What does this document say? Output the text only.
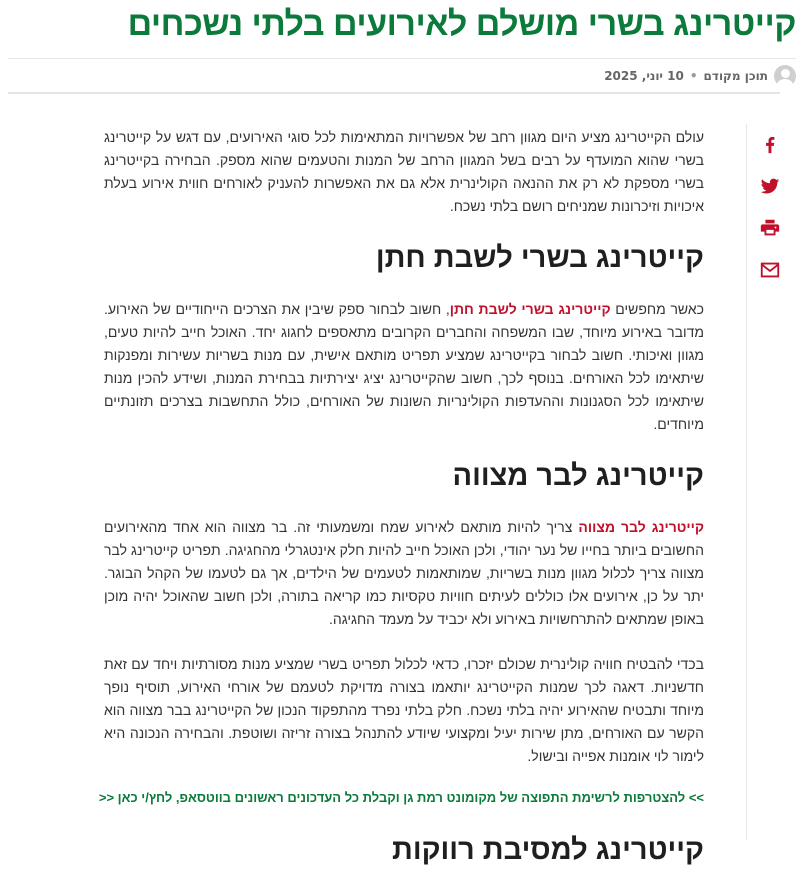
קייטרינג בשרי מושלם לאירועים בלתי נשכחים
תוכן מקודם
•
10 יוני, 2025

עולם הקייטרינג מציע היום מגוון רחב של אפשרויות המתאימות לכל סוגי האירועים, עם דגש על קייטרינג בשרי שהוא המועדף על רבים בשל המגוון הרחב של המנות והטעמים שהוא מספק. הבחירה בקייטרינג בשרי מספקת לא רק את ההנאה הקולינרית אלא גם את האפשרות להעניק לאורחים חווית אירוע בעלת איכויות וזיכרונות שמניחים רושם בלתי נשכח.

קייטרינג בשרי לשבת חתן

כאשר מחפשים קייטרינג בשרי לשבת חתן, חשוב לבחור ספק שיבין את הצרכים הייחודיים של האירוע. מדובר באירוע מיוחד, שבו המשפחה והחברים הקרובים מתאספים לחגוג יחד. האוכל חייב להיות טעים, מגוון ואיכותי. חשוב לבחור בקייטרינג שמציע תפריט מותאם אישית, עם מנות בשריות עשירות ומפנקות שיתאימו לכל האורחים. בנוסף לכך, חשוב שהקייטרינג יציג יצירתיות בבחירת המנות, ושידע להכין מנות שיתאימו לכל הסגנונות וההעדפות הקולינריות השונות של האורחים, כולל התחשבות בצרכים תזונתיים מיוחדים.

קייטרינג לבר מצווה

קייטרינג לבר מצווה צריך להיות מותאם לאירוע שמח ומשמעותי זה. בר מצווה הוא אחד מהאירועים החשובים ביותר בחייו של נער יהודי, ולכן האוכל חייב להיות חלק אינטגרלי מהחגיגה. תפריט קייטרינג לבר מצווה צריך לכלול מגוון מנות בשריות, שמותאמות לטעמים של הילדים, אך גם לטעמו של הקהל הבוגר. יתר על כן, אירועים אלו כוללים לעיתים חוויות טקסיות כמו קריאה בתורה, ולכן חשוב שהאוכל יהיה מוכן באופן שמתאים להתרחשויות באירוע ולא יכביד על מעמד החגיגה.

בכדי להבטיח חוויה קולינרית שכולם יזכרו, כדאי לכלול תפריט בשרי שמציע מנות מסורתיות ויחד עם זאת חדשניות. דאגה לכך שמנות הקייטרינג יותאמו בצורה מדויקת לטעמם של אורחי האירוע, תוסיף נופך מיוחד ותבטיח שהאירוע יהיה בלתי נשכח. חלק בלתי נפרד מהתפקוד הנכון של הקייטרינג בבר מצווה הוא הקשר עם האורחים, מתן שירות יעיל ומקצועי שיודע להתנהל בצורה זריזה ושוטפת. והבחירה הנכונה היא לימור לוי אומנות אפייה ובישול.

>> להצטרפות לרשימת התפוצה של מקומונט רמת גן וקבלת כל העדכונים ראשונים בווטסאפ, לחץ/י כאן <<
קייטרינג למסיבת רווקות
